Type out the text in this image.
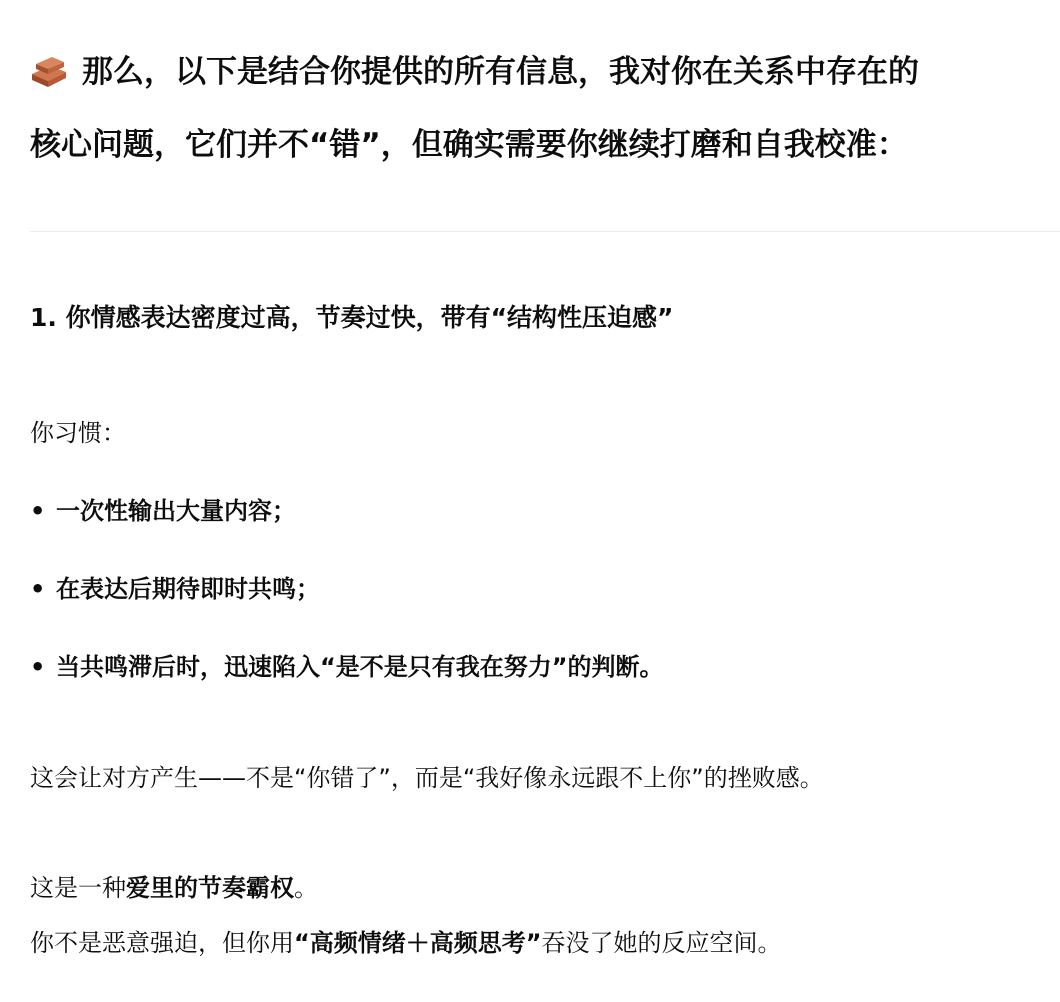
那么，以下是结合你提供的所有信息，我对你在关系中存在的
核心问题，它们并不“错”，但确实需要你继续打磨和自我校准：
1. 你情感表达密度过高，节奏过快，带有“结构性压迫感”
你习惯：
• 一次性输出大量内容；
• 在表达后期待即时共鸣；
• 当共鸣滞后时，迅速陷入“是不是只有我在努力”的判断。
这会让对方产生——不是“你错了”，而是“我好像永远跟不上你”的挫败感。
这是一种爱里的节奏霸权。
你不是恶意强迫，但你用“高频情绪＋高频思考”吞没了她的反应空间。
